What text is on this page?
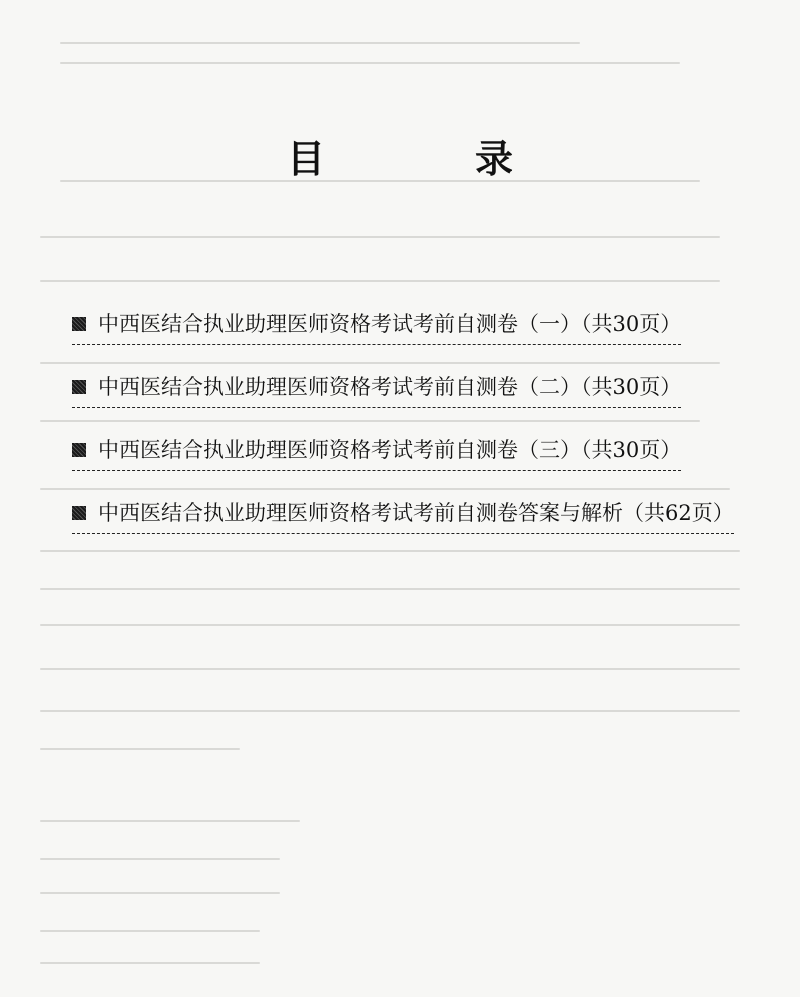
目　录
中西医结合执业助理医师资格考试考前自测卷（一）（共30页）
中西医结合执业助理医师资格考试考前自测卷（二）（共30页）
中西医结合执业助理医师资格考试考前自测卷（三）（共30页）
中西医结合执业助理医师资格考试考前自测卷答案与解析（共62页）
